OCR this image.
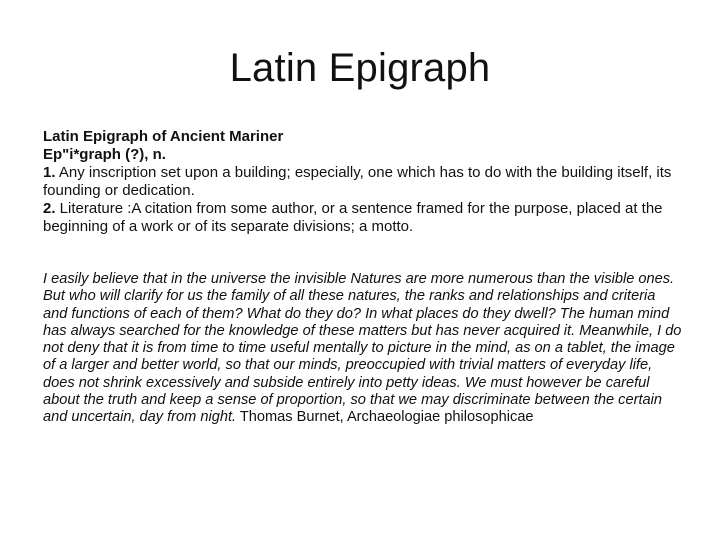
Latin Epigraph

Latin Epigraph of Ancient Mariner

Ep"i*graph (?), n.

1. Any inscription set upon a building; especially, one which has to do with the building itself, its founding or dedication.

2. Literature :A citation from some author, or a sentence framed for the purpose, placed at the beginning of a work or of its separate divisions; a motto.

I easily believe that in the universe the invisible Natures are more numerous than the visible ones. But who will clarify for us the family of all these natures, the ranks and relationships and criteria and functions of each of them? What do they do? In what places do they dwell? The human mind has always searched for the knowledge of these matters but has never acquired it. Meanwhile, I do not deny that it is from time to time useful mentally to picture in the mind, as on a tablet, the image of a larger and better world, so that our minds, preoccupied with trivial matters of everyday life, does not shrink excessively and subside entirely into petty ideas. We must however be careful about the truth and keep a sense of proportion, so that we may discriminate between the certain and uncertain, day from night. Thomas Burnet, Archaeologiae philosophicae
